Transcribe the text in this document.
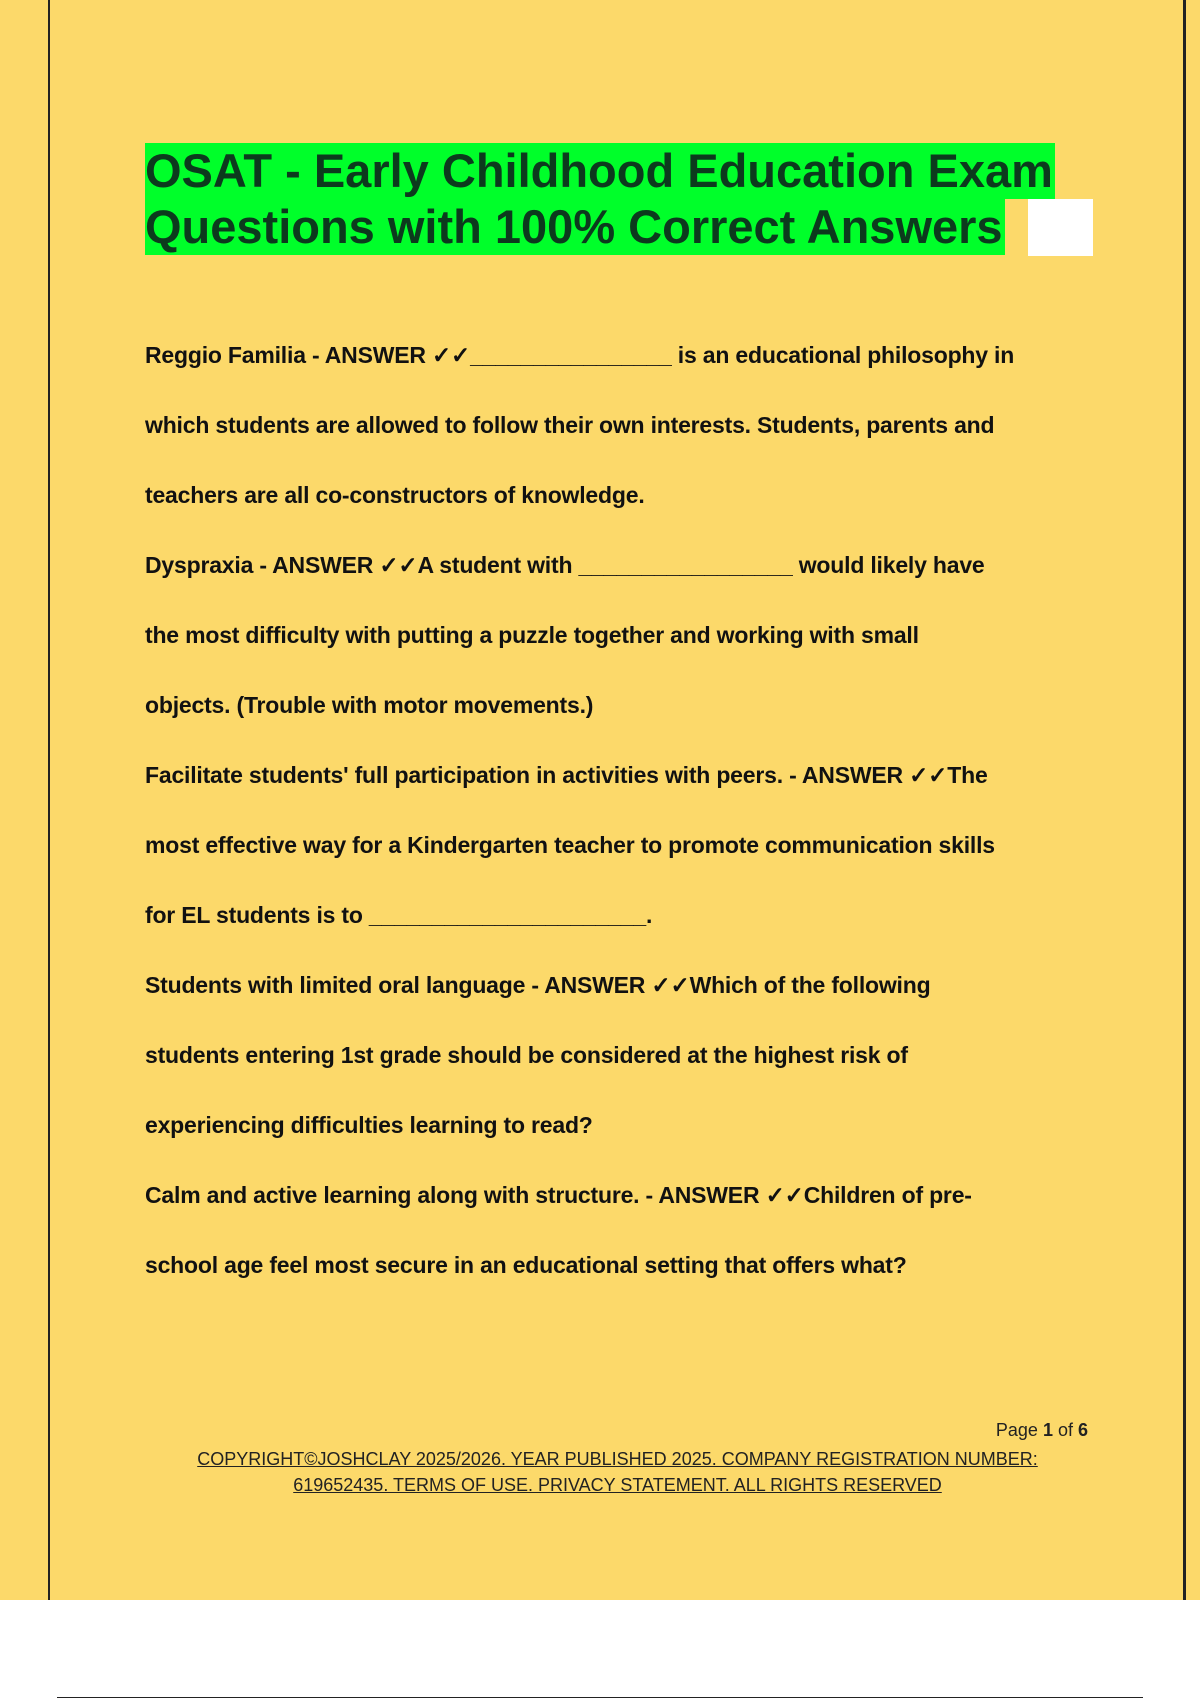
OSAT - Early Childhood Education Exam
Questions with 100% Correct Answers

Reggio Familia - ANSWER ✓✓________________ is an educational philosophy in

which students are allowed to follow their own interests. Students, parents and

teachers are all co-constructors of knowledge.

Dyspraxia - ANSWER ✓✓A student with _________________ would likely have

the most difficulty with putting a puzzle together and working with small

objects. (Trouble with motor movements.)

Facilitate students' full participation in activities with peers. - ANSWER ✓✓The

most effective way for a Kindergarten teacher to promote communication skills

for EL students is to ______________________.

Students with limited oral language - ANSWER ✓✓Which of the following

students entering 1st grade should be considered at the highest risk of

experiencing difficulties learning to read?

Calm and active learning along with structure. - ANSWER ✓✓Children of pre-

school age feel most secure in an educational setting that offers what?

Page 1 of 6
COPYRIGHT©JOSHCLAY 2025/2026. YEAR PUBLISHED 2025. COMPANY REGISTRATION NUMBER:
619652435. TERMS OF USE. PRIVACY STATEMENT. ALL RIGHTS RESERVED
